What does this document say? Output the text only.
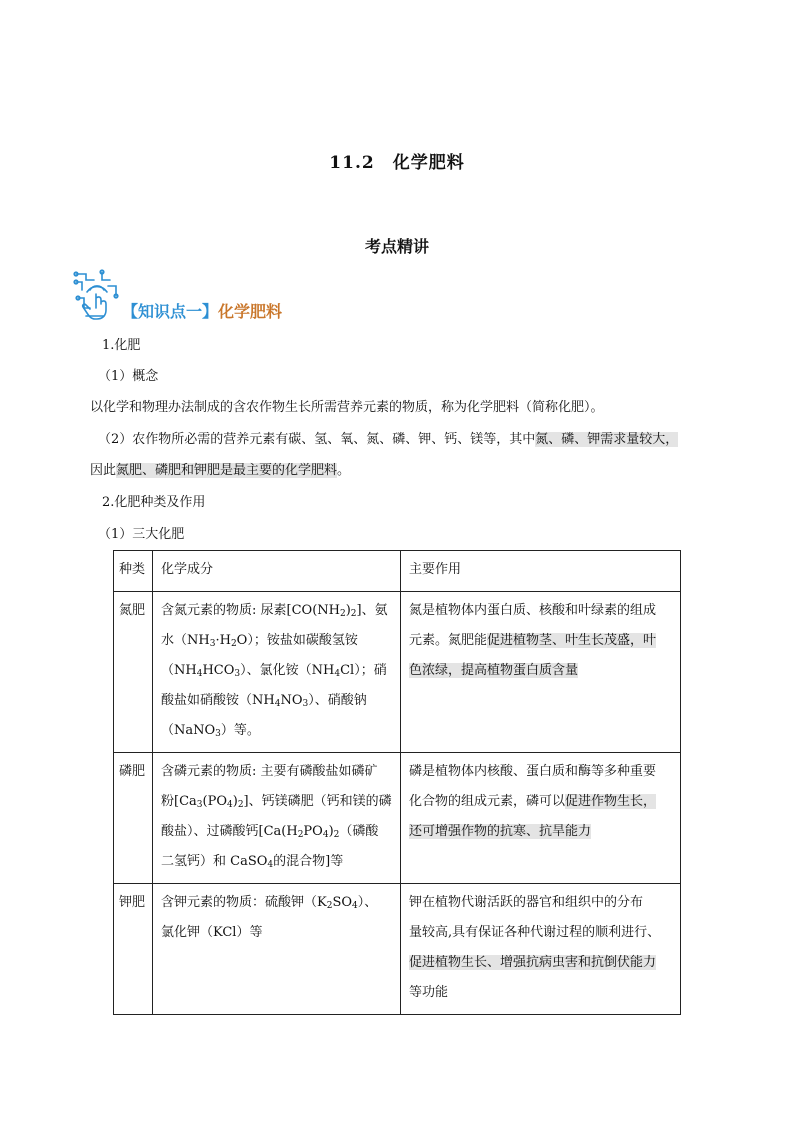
11.2　化学肥料
考点精讲
【知识点一】化学肥料
1.化肥
（1）概念
以化学和物理办法制成的含农作物生长所需营养元素的物质，称为化学肥料（简称化肥）。
（2）农作物所必需的营养元素有碳、氢、氧、氮、磷、钾、钙、镁等，其中氮、磷、钾需求量较大，
因此氮肥、磷肥和钾肥是最主要的化学肥料。
2.化肥种类及作用
（1）三大化肥
种类	化学成分	主要作用
氮肥	含氮元素的物质: 尿素$[CO(NH_2)_2]$、氨
水$(NH_3\cdot H_2O)$；铵盐如碳酸氢铵
$(NH_4HCO_3)$、氯化铵$(NH_4Cl)$；硝
酸盐如硝酸铵$(NH_4NO_3)$、硝酸钠
（NaNO$_3$）等。	氮是植物体内蛋白质、核酸和叶绿素的组成
元素。氮肥能促进植物茎、叶生长茂盛，叶
色浓绿，提高植物蛋白质含量
磷肥	含磷元素的物质: 主要有磷酸盐如磷矿
粉$[Ca_3(PO_4)_2]$、钙镁磷肥（钙和镁的磷
酸盐）、过磷酸钙[$Ca(H_2PO_4)_2$（磷酸
二氢钙）和 CaSO$_4$的混合物]等	磷是植物体内核酸、蛋白质和酶等多种重要
化合物的组成元素，磷可以促进作物生长，
还可增强作物的抗寒、抗旱能力
钾肥	含钾元素的物质：硫酸钾$(K_2SO_4)$、
氯化钾（KCl）等	钾在植物代谢活跃的器官和组织中的分布
量较高,具有保证各种代谢过程的顺利进行、
促进植物生长、增强抗病虫害和抗倒伏能力
等功能
